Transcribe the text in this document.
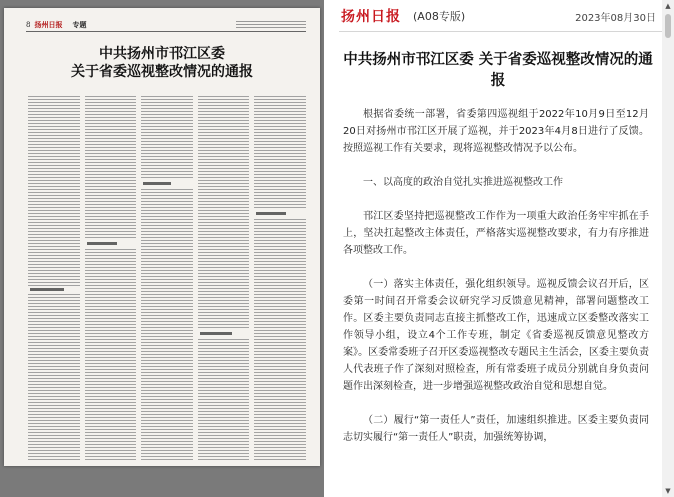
8 扬州日报 专题
中共扬州市邗江区委
关于省委巡视整改情况的通报
扬州日报 (A08专版)	2023年08月30日
中共扬州市邗江区委 关于省委巡视整改情况的通报

根据省委统一部署，省委第四巡视组于2022年10月9日至12月20日对扬州市邗江区开展了巡视，并于2023年4月8日进行了反馈。按照巡视工作有关要求，现将巡视整改情况予以公布。

一、以高度的政治自觉扎实推进巡视整改工作

邗江区委坚持把巡视整改工作作为一项重大政治任务牢牢抓在手上，坚决扛起整改主体责任，严格落实巡视整改要求，有力有序推进各项整改工作。

（一）落实主体责任，强化组织领导。巡视反馈会议召开后，区委第一时间召开常委会议研究学习反馈意见精神，部署问题整改工作。区委主要负责同志直接主抓整改工作，迅速成立区委整改落实工作领导小组，设立4个工作专班，制定《省委巡视反馈意见整改方案》。区委常委班子召开区委巡视整改专题民主生活会，区委主要负责人代表班子作了深刻对照检查，所有常委班子成员分别就自身负责问题作出深刻检查，进一步增强巡视整改政治自觉和思想自觉。

（二）履行“第一责任人”责任，加速组织推进。区委主要负责同志切实履行“第一责任人”职责，加强统筹协调，

▲
▼
